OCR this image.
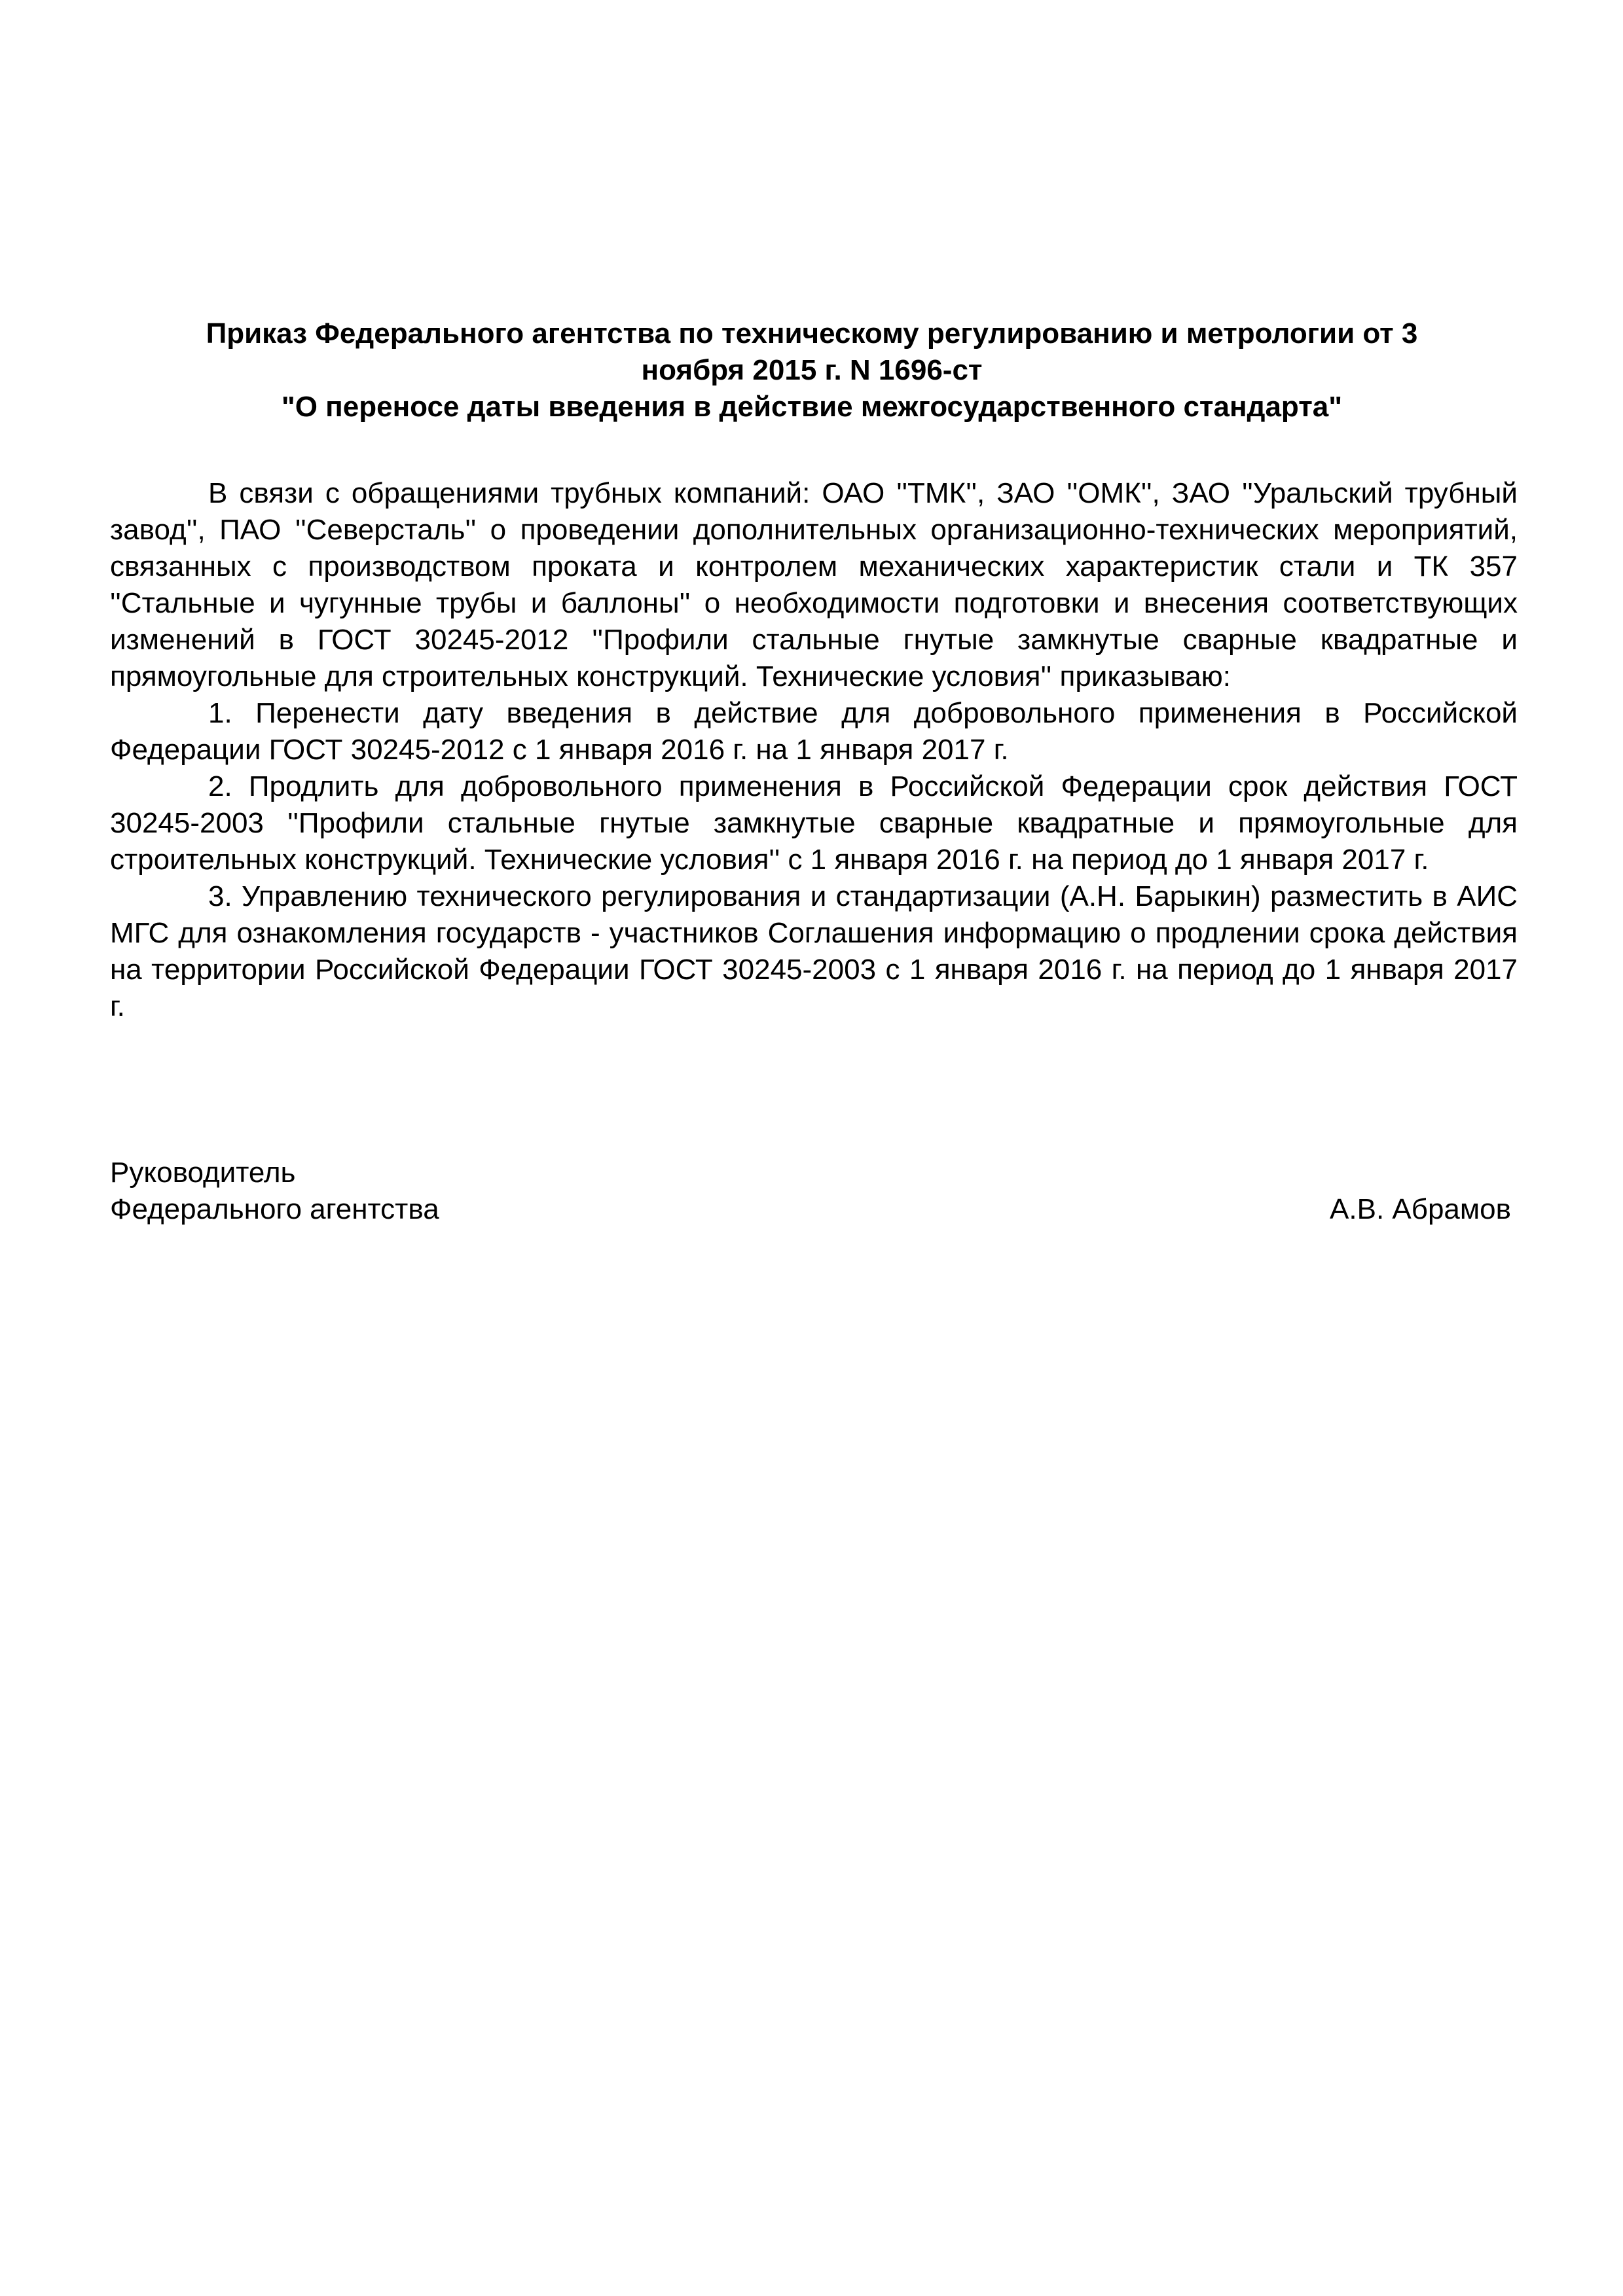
Приказ Федерального агентства по техническому регулированию и метрологии от 3
ноября 2015 г. N 1696-ст
"О переносе даты введения в действие межгосударственного стандарта"

В связи с обращениями трубных компаний: ОАО ''ТМК'', ЗАО ''ОМК'', ЗАО ''Уральский трубный завод'', ПАО ''Северсталь'' о проведении дополнительных организационно-технических мероприятий, связанных с производством проката и контролем механических характеристик стали и ТК 357 ''Стальные и чугунные трубы и баллоны'' о необходимости подготовки и внесения соответствующих изменений в ГОСТ 30245-2012 ''Профили стальные гнутые замкнутые сварные квадратные и прямоугольные для строительных конструкций. Технические условия'' приказываю:

1. Перенести дату введения в действие для добровольного применения в Российской Федерации ГОСТ 30245-2012 с 1 января 2016 г. на 1 января 2017 г.

2. Продлить для добровольного применения в Российской Федерации срок действия ГОСТ 30245-2003 ''Профили стальные гнутые замкнутые сварные квадратные и прямоугольные для строительных конструкций. Технические условия'' с 1 января 2016 г. на период до 1 января 2017 г.

3. Управлению технического регулирования и стандартизации (А.Н. Барыкин) разместить в АИС МГС для ознакомления государств - участников Соглашения информацию о продлении срока действия на территории Российской Федерации ГОСТ 30245-2003 с 1 января 2016 г. на период до 1 января 2017 г.

Руководитель
Федерального агентства	А.В. Абрамов
